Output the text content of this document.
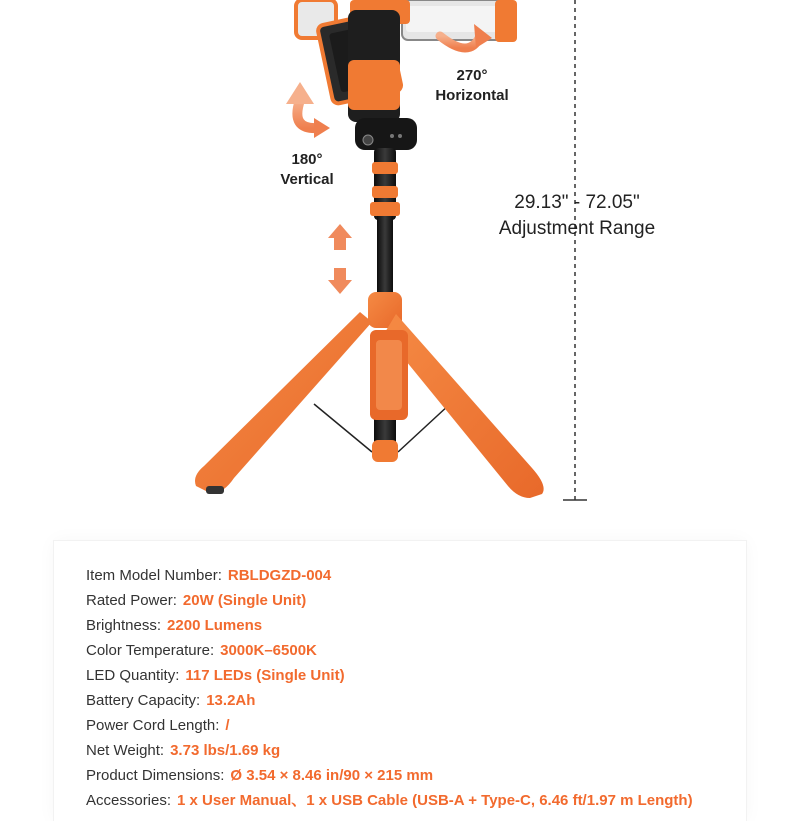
270°
Horizontal
180°
Vertical
29.13" - 72.05"
Adjustment Range
Item Model Number: RBLDGZD-004
Rated Power: 20W (Single Unit)
Brightness: 2200 Lumens
Color Temperature: 3000K–6500K
LED Quantity: 117 LEDs (Single Unit)
Battery Capacity: 13.2Ah
Power Cord Length: /
Net Weight: 3.73 lbs/1.69 kg
Product Dimensions: Ø 3.54 × 8.46 in/90 × 215 mm
Accessories: 1 x User Manual、1 x USB Cable (USB-A + Type-C, 6.46 ft/1.97 m Length)
